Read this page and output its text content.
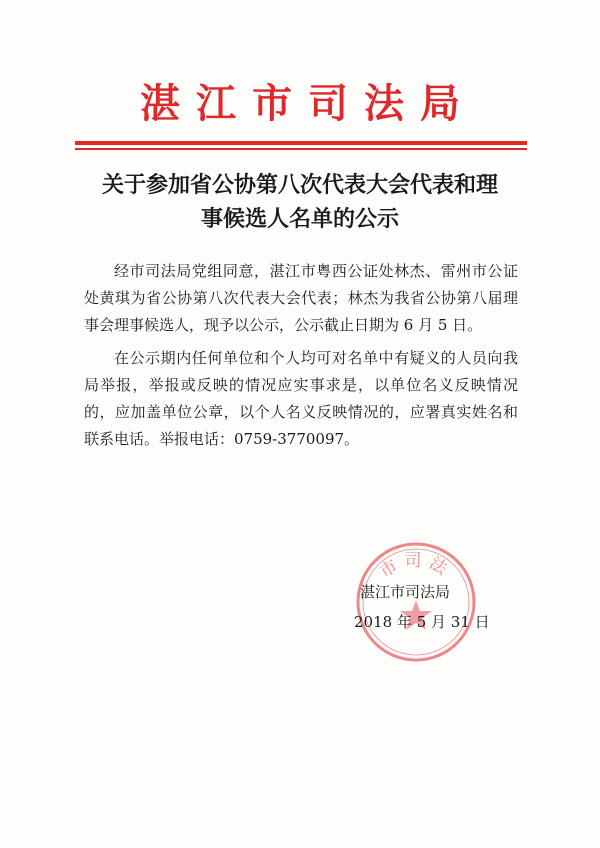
湛江市司法局
关于参加省公协第八次代表大会代表和理
事候选人名单的公示

经市司法局党组同意，湛江市粤西公证处林杰、雷州市公证处黄琪为省公协第八次代表大会代表；林杰为我省公协第八届理事会理事候选人，现予以公示，公示截止日期为 6 月 5 日。

在公示期内任何单位和个人均可对名单中有疑义的人员向我局举报，举报或反映的情况应实事求是，以单位名义反映情况的，应加盖单位公章，以个人名义反映情况的，应署真实姓名和联系电话。举报电话：0759-3770097。

市司法
湛江市司法局
2018 年 5 月 31 日
